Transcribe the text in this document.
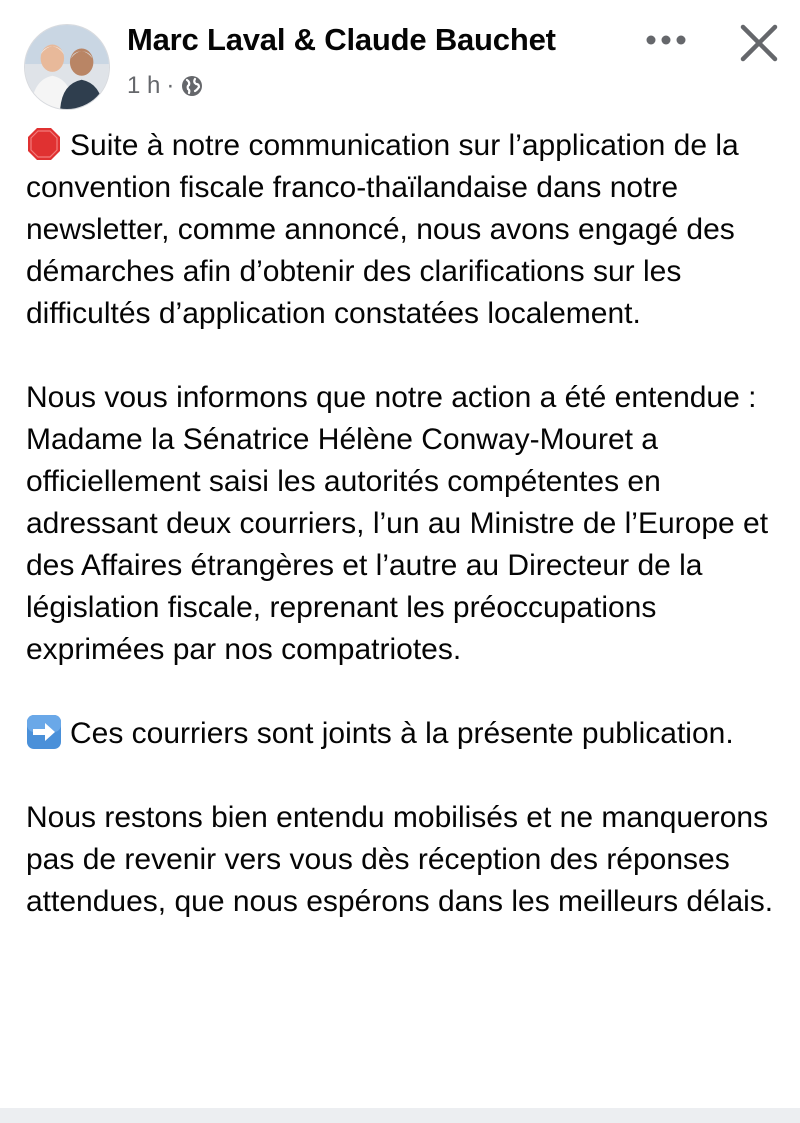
Marc Laval & Claude Bauchet
1 h ·

Suite à notre communication sur l’application de la convention fiscale franco-thaïlandaise dans notre newsletter, comme annoncé, nous avons engagé des démarches afin d’obtenir des clarifications sur les difficultés d’application constatées localement.

Nous vous informons que notre action a été entendue : Madame la Sénatrice Hélène Conway-Mouret a officiellement saisi les autorités compétentes en adressant deux courriers, l’un au Ministre de l’Europe et des Affaires étrangères et l’autre au Directeur de la législation fiscale, reprenant les préoccupations exprimées par nos compatriotes.

Ces courriers sont joints à la présente publication.

Nous restons bien entendu mobilisés et ne manquerons pas de revenir vers vous dès réception des réponses attendues, que nous espérons dans les meilleurs délais.
